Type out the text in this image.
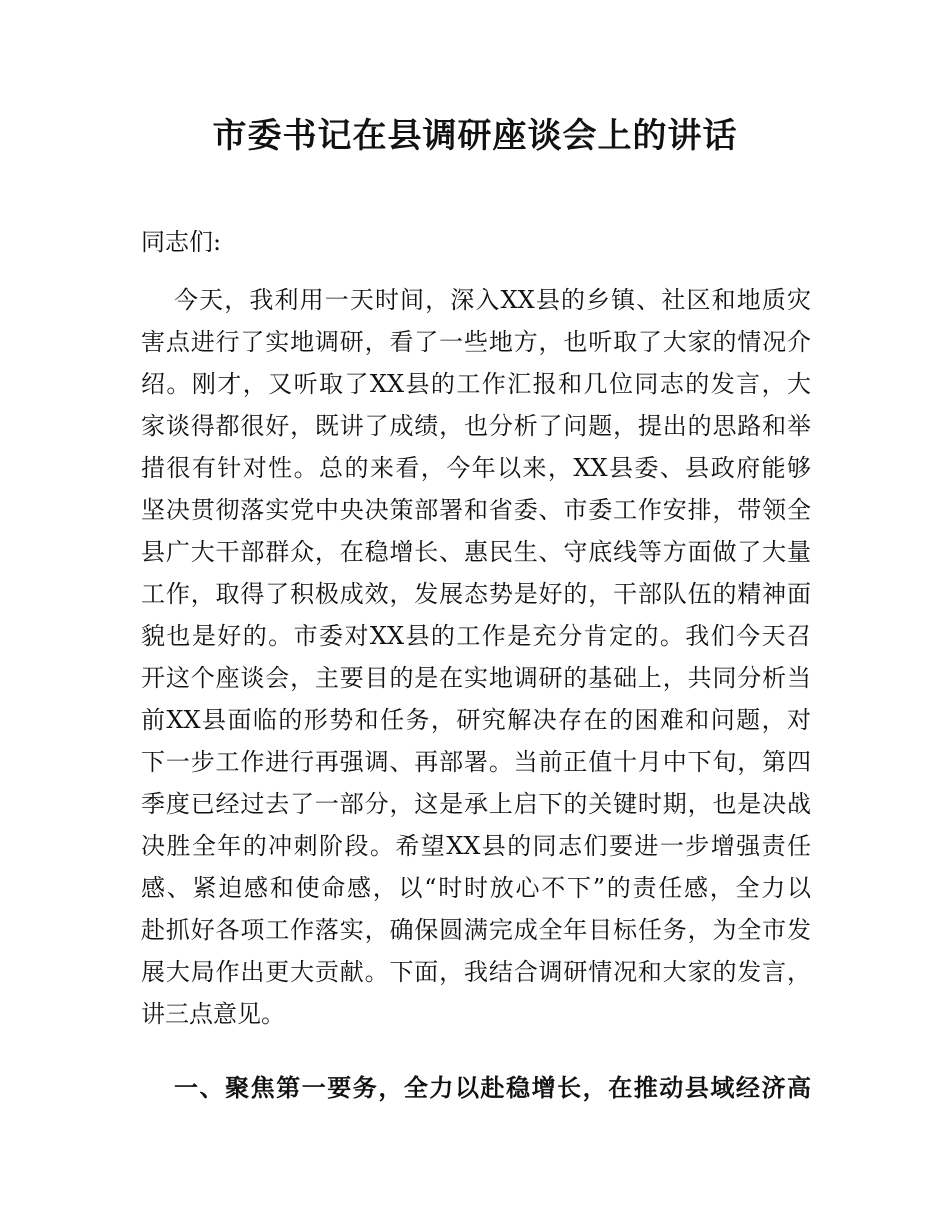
市委书记在县调研座谈会上的讲话
同志们:
今天，我利用一天时间，深入XX县的乡镇、社区和地质灾
害点进行了实地调研，看了一些地方，也听取了大家的情况介
绍。刚才，又听取了XX县的工作汇报和几位同志的发言，大
家谈得都很好，既讲了成绩，也分析了问题，提出的思路和举
措很有针对性。总的来看，今年以来，XX县委、县政府能够
坚决贯彻落实党中央决策部署和省委、市委工作安排，带领全
县广大干部群众，在稳增长、惠民生、守底线等方面做了大量
工作，取得了积极成效，发展态势是好的，干部队伍的精神面
貌也是好的。市委对XX县的工作是充分肯定的。我们今天召
开这个座谈会，主要目的是在实地调研的基础上，共同分析当
前XX县面临的形势和任务，研究解决存在的困难和问题，对
下一步工作进行再强调、再部署。当前正值十月中下旬，第四
季度已经过去了一部分，这是承上启下的关键时期，也是决战
决胜全年的冲刺阶段。希望XX县的同志们要进一步增强责任
感、紧迫感和使命感，以“时时放心不下”的责任感，全力以
赴抓好各项工作落实，确保圆满完成全年目标任务，为全市发
展大局作出更大贡献。下面，我结合调研情况和大家的发言，
讲三点意见。
一、聚焦第一要务，全力以赴稳增长，在推动县域经济高
